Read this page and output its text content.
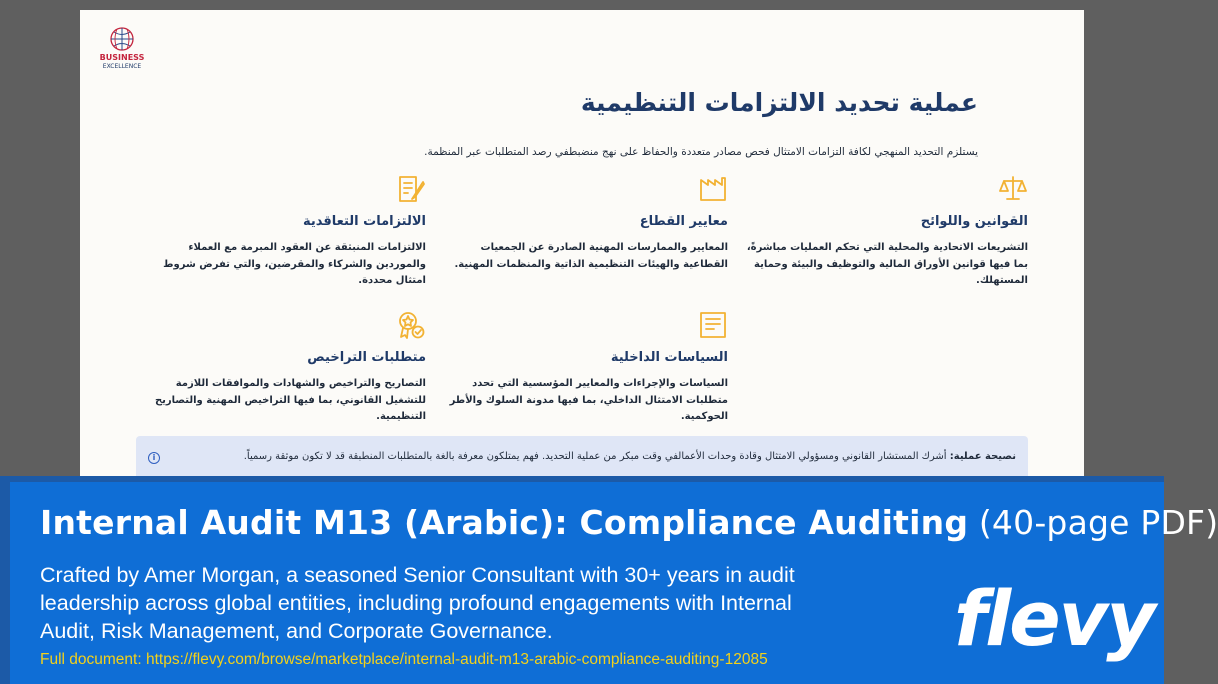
BUSINESS
EXCELLENCE
عملية تحديد الالتزامات التنظيمية
يستلزم التحديد المنهجي لكافة التزامات الامتثال فحص مصادر متعددة والحفاظ على نهج منضبطفي رصد المتطلبات عبر المنظمة.
القوانين واللوائح

التشريعات الاتحادية والمحلية التي تحكم العمليات مباشرةً، بما فيها قوانين الأوراق المالية والتوظيف والبيئة وحماية المستهلك.

معايير القطاع

المعايير والممارسات المهنية الصادرة عن الجمعيات القطاعية والهيئات التنظيمية الذاتية والمنظمات المهنية.

الالتزامات التعاقدية

الالتزامات المنبثقة عن العقود المبرمة مع العملاء والموردين والشركاء والمقرضين، والتي تفرض شروط امتثال محددة.

السياسات الداخلية

السياسات والإجراءات والمعايير المؤسسية التي تحدد متطلبات الامتثال الداخلي، بما فيها مدونة السلوك والأطر الحوكمية.

متطلبات التراخيص

التصاريح والتراخيص والشهادات والموافقات اللازمة للتشغيل القانوني، بما فيها التراخيص المهنية والتصاريح التنظيمية.

i	نصيحة عملية: أشرك المستشار القانوني ومسؤولي الامتثال وقادة وحدات الأعمالفي وقت مبكر من عملية التحديد. فهم يمتلكون معرفة بالغة بالمتطلبات المنطبقة قد لا تكون موثقة رسمياً.
Internal Audit M13 (Arabic): Compliance Auditing (40-page PDF)
Crafted by Amer Morgan, a seasoned Senior Consultant with 30+ years in audit leadership across global entities, including profound engagements with Internal Audit, Risk Management, and Corporate Governance.
Full document: https://flevy.com/browse/marketplace/internal-audit-m13-arabic-compliance-auditing-12085 flevy
